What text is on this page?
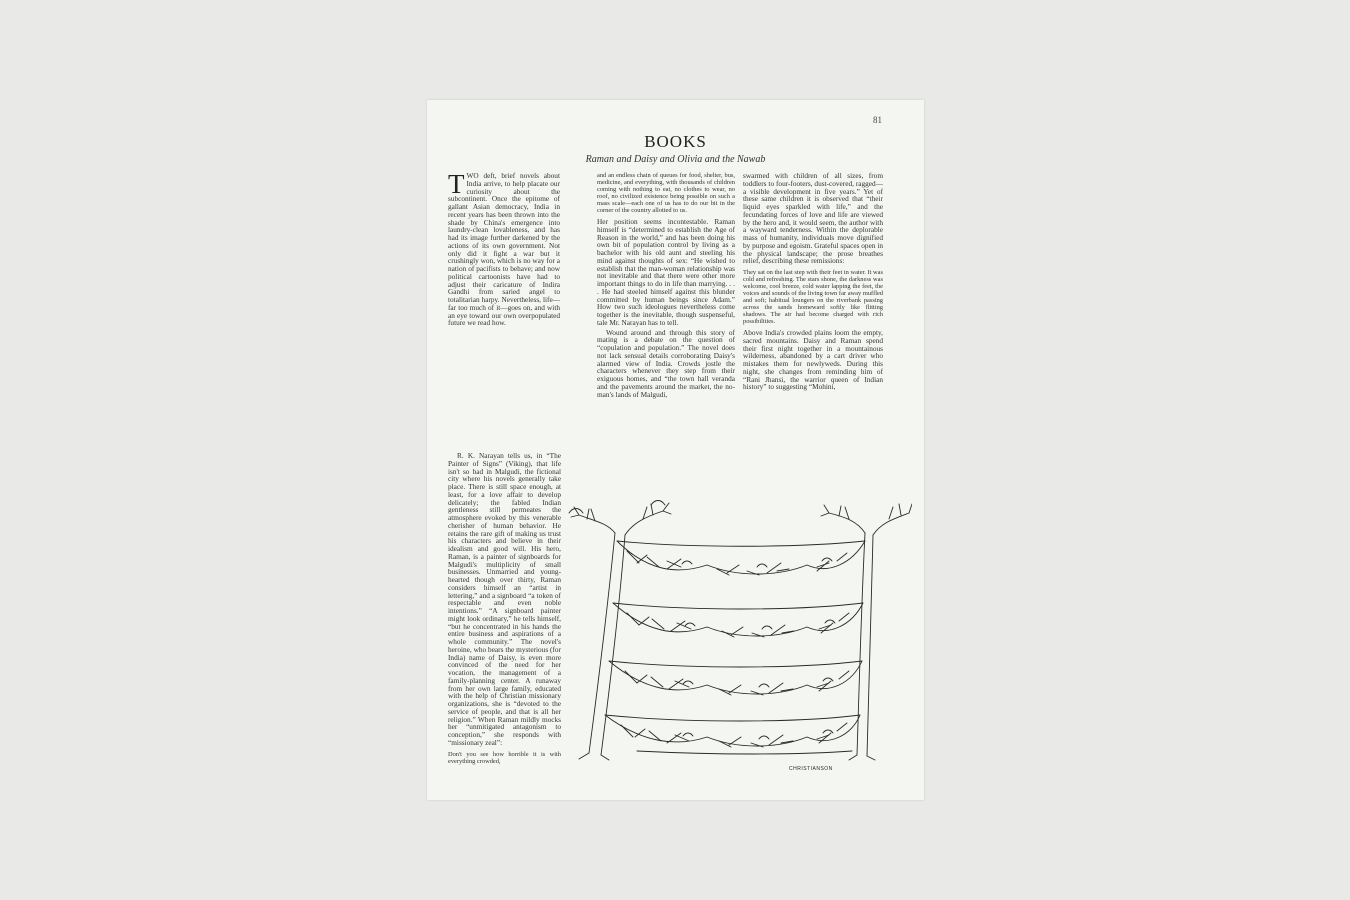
81
BOOKS
Raman and Daisy and Olivia and the Nawab

TWO deft, brief novels about India arrive, to help placate our curiosity about the subcontinent. Once the epitome of gallant Asian democracy, India in recent years has been thrown into the shade by China's emergence into laundry-clean lovableness, and has had its image further darkened by the actions of its own government. Not only did it fight a war but it crushingly won, which is no way for a nation of pacifists to behave; and now political cartoonists have had to adjust their caricature of Indira Gandhi from saried angel to totalitarian harpy. Nevertheless, life—far too much of it—goes on, and with an eye toward our own overpopulated future we read how.

R. K. Narayan tells us, in “The Painter of Signs” (Viking), that life isn't so bad in Malgudi, the fictional city where his novels generally take place. There is still space enough, at least, for a love affair to develop delicately; the fabled Indian gentleness still permeates the atmosphere evoked by this venerable cherisher of human behavior. He retains the rare gift of making us trust his characters and believe in their idealism and good will. His hero, Raman, is a painter of signboards for Malgudi's multiplicity of small businesses. Unmarried and young-hearted though over thirty, Raman considers himself an “artist in lettering,” and a signboard “a token of respectable and even noble intentions.” “A signboard painter might look ordinary,” he tells himself, “but he concentrated in his hands the entire business and aspirations of a whole community.” The novel's heroine, who bears the mysterious (for India) name of Daisy, is even more convinced of the need for her vocation, the management of a family-planning center. A runaway from her own large family, educated with the help of Christian missionary organizations, she is “devoted to the service of people, and that is all her religion.” When Raman mildly mocks her “unmitigated antagonism to conception,” she responds with “missionary zeal”:

Don't you see how horrible it is with everything crowded,

and an endless chain of queues for food, shelter, bus, medicine, and everything, with thousands of children coming with nothing to eat, no clothes to wear, no roof, no civilized existence being possible on such a mass scale—each one of us has to do our bit in the corner of the country allotted to us.

Her position seems incontestable. Raman himself is “determined to establish the Age of Reason in the world,” and has been doing his own bit of population control by living as a bachelor with his old aunt and steeling his mind against thoughts of sex: “He wished to establish that the man-woman relationship was not inevitable and that there were other more important things to do in life than marrying. . . . He had steeled himself against this blunder committed by human beings since Adam.” How two such ideologues nevertheless come together is the inevitable, though suspenseful, tale Mr. Narayan has to tell.

Wound around and through this story of mating is a debate on the question of “copulation and population.” The novel does not lack sensual details corroborating Daisy's alarmed view of India. Crowds jostle the characters whenever they step from their exiguous homes, and “the town hall veranda and the pavements around the market, the no-man's lands of Malgudi,

swarmed with children of all sizes, from toddlers to four-footers, dust-covered, ragged—a visible development in five years.” Yet of these same children it is observed that “their liquid eyes sparkled with life,” and the fecundating forces of love and life are viewed by the hero and, it would seem, the author with a wayward tenderness. Within the deplorable mass of humanity, individuals move dignified by purpose and egoism. Grateful spaces open in the physical landscape; the prose breathes relief, describing these remissions:

They sat on the last step with their feet in water. It was cold and refreshing. The stars shone, the darkness was welcome, cool breeze, cold water lapping the feet, the voices and sounds of the living town far away muffled and soft; habitual loungers on the riverbank passing across the sands homeward softly like flitting shadows. The air had become charged with rich possibilities.

Above India's crowded plains loom the empty, sacred mountains. Daisy and Raman spend their first night together in a mountainous wilderness, abandoned by a cart driver who mistakes them for newlyweds. During this night, she changes from reminding him of “Rani Jhansi, the warrior queen of Indian history” to suggesting “Mohini,

CHRISTIANSON
